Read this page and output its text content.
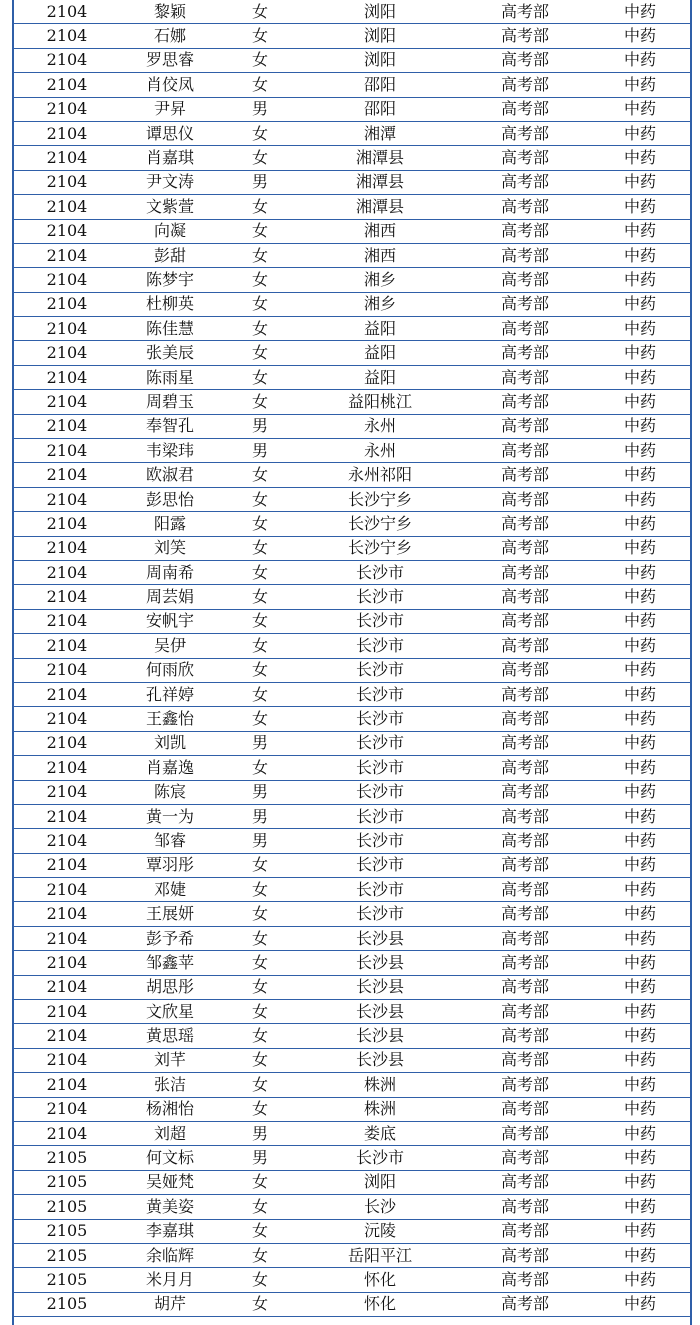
2104	黎颖	女	浏阳	高考部	中药
2104	石娜	女	浏阳	高考部	中药
2104	罗思睿	女	浏阳	高考部	中药
2104	肖佼凤	女	邵阳	高考部	中药
2104	尹昇	男	邵阳	高考部	中药
2104	谭思仪	女	湘潭	高考部	中药
2104	肖嘉琪	女	湘潭县	高考部	中药
2104	尹文涛	男	湘潭县	高考部	中药
2104	文紫萱	女	湘潭县	高考部	中药
2104	向凝	女	湘西	高考部	中药
2104	彭甜	女	湘西	高考部	中药
2104	陈梦宇	女	湘乡	高考部	中药
2104	杜柳英	女	湘乡	高考部	中药
2104	陈佳慧	女	益阳	高考部	中药
2104	张美辰	女	益阳	高考部	中药
2104	陈雨星	女	益阳	高考部	中药
2104	周碧玉	女	益阳桃江	高考部	中药
2104	奉智孔	男	永州	高考部	中药
2104	韦梁玮	男	永州	高考部	中药
2104	欧淑君	女	永州祁阳	高考部	中药
2104	彭思怡	女	长沙宁乡	高考部	中药
2104	阳露	女	长沙宁乡	高考部	中药
2104	刘笑	女	长沙宁乡	高考部	中药
2104	周南希	女	长沙市	高考部	中药
2104	周芸娟	女	长沙市	高考部	中药
2104	安帆宇	女	长沙市	高考部	中药
2104	吴伊	女	长沙市	高考部	中药
2104	何雨欣	女	长沙市	高考部	中药
2104	孔祥婷	女	长沙市	高考部	中药
2104	王鑫怡	女	长沙市	高考部	中药
2104	刘凯	男	长沙市	高考部	中药
2104	肖嘉逸	女	长沙市	高考部	中药
2104	陈宸	男	长沙市	高考部	中药
2104	黄一为	男	长沙市	高考部	中药
2104	邹睿	男	长沙市	高考部	中药
2104	覃羽彤	女	长沙市	高考部	中药
2104	邓婕	女	长沙市	高考部	中药
2104	王展妍	女	长沙市	高考部	中药
2104	彭予希	女	长沙县	高考部	中药
2104	邹鑫苹	女	长沙县	高考部	中药
2104	胡思彤	女	长沙县	高考部	中药
2104	文欣星	女	长沙县	高考部	中药
2104	黄思瑶	女	长沙县	高考部	中药
2104	刘芊	女	长沙县	高考部	中药
2104	张洁	女	株洲	高考部	中药
2104	杨湘怡	女	株洲	高考部	中药
2104	刘超	男	娄底	高考部	中药
2105	何文标	男	长沙市	高考部	中药
2105	吴娅梵	女	浏阳	高考部	中药
2105	黄美姿	女	长沙	高考部	中药
2105	李嘉琪	女	沅陵	高考部	中药
2105	余临辉	女	岳阳平江	高考部	中药
2105	米月月	女	怀化	高考部	中药
2105	胡芹	女	怀化	高考部	中药
